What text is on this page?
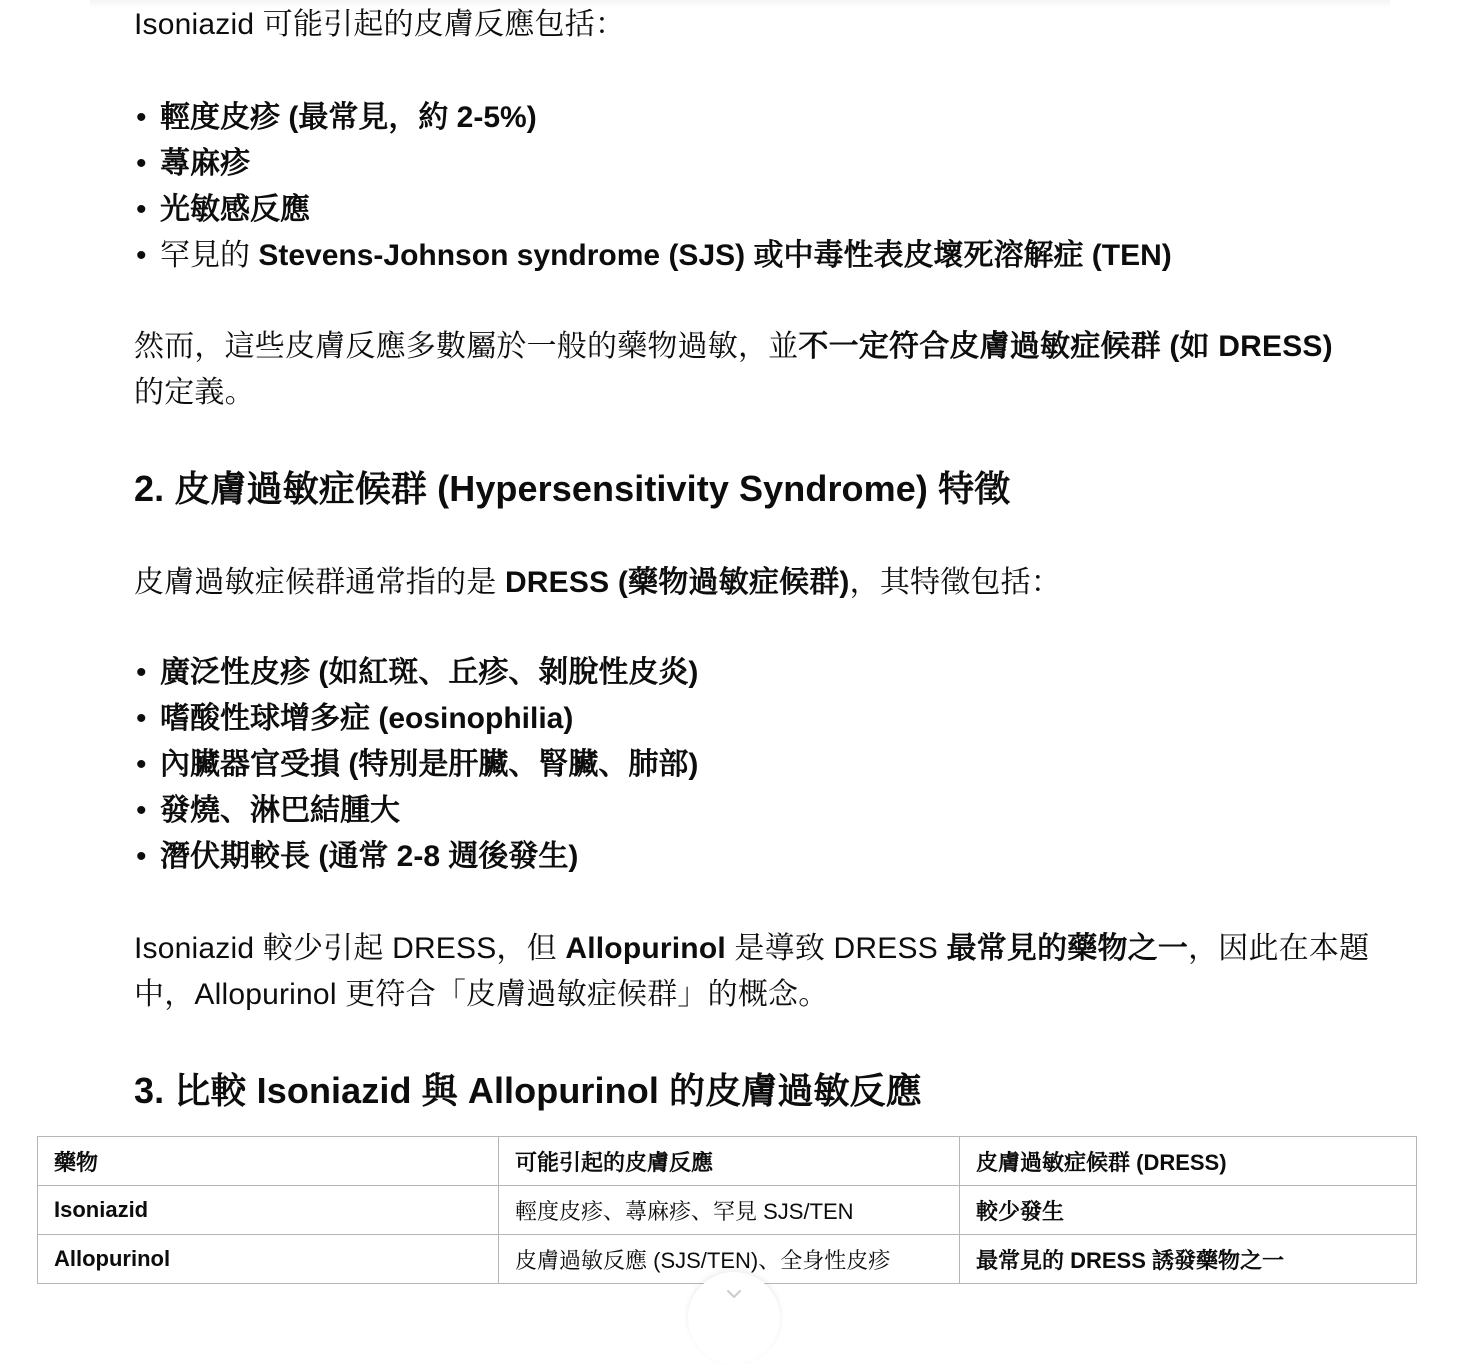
Isoniazid 可能引起的皮膚反應包括：

• 輕度皮疹 (最常見，約 2-5%)
• 蕁麻疹
• 光敏感反應
• 罕見的 Stevens-Johnson syndrome (SJS) 或中毒性表皮壞死溶解症 (TEN)

然而，這些皮膚反應多數屬於一般的藥物過敏，並不一定符合皮膚過敏症候群 (如 DRESS) 的定義。

2. 皮膚過敏症候群 (Hypersensitivity Syndrome) 特徵

皮膚過敏症候群通常指的是 DRESS (藥物過敏症候群)，其特徵包括：

• 廣泛性皮疹 (如紅斑、丘疹、剝脫性皮炎)
• 嗜酸性球增多症 (eosinophilia)
• 內臟器官受損 (特別是肝臟、腎臟、肺部)
• 發燒、淋巴結腫大
• 潛伏期較長 (通常 2-8 週後發生)

Isoniazid 較少引起 DRESS，但 Allopurinol 是導致 DRESS 最常見的藥物之一，因此在本題中，Allopurinol 更符合「皮膚過敏症候群」的概念。

3. 比較 Isoniazid 與 Allopurinol 的皮膚過敏反應
藥物	可能引起的皮膚反應	皮膚過敏症候群 (DRESS)
Isoniazid	輕度皮疹、蕁麻疹、罕見 SJS/TEN	較少發生
Allopurinol	皮膚過敏反應 (SJS/TEN)、全身性皮疹	最常見的 DRESS 誘發藥物之一
